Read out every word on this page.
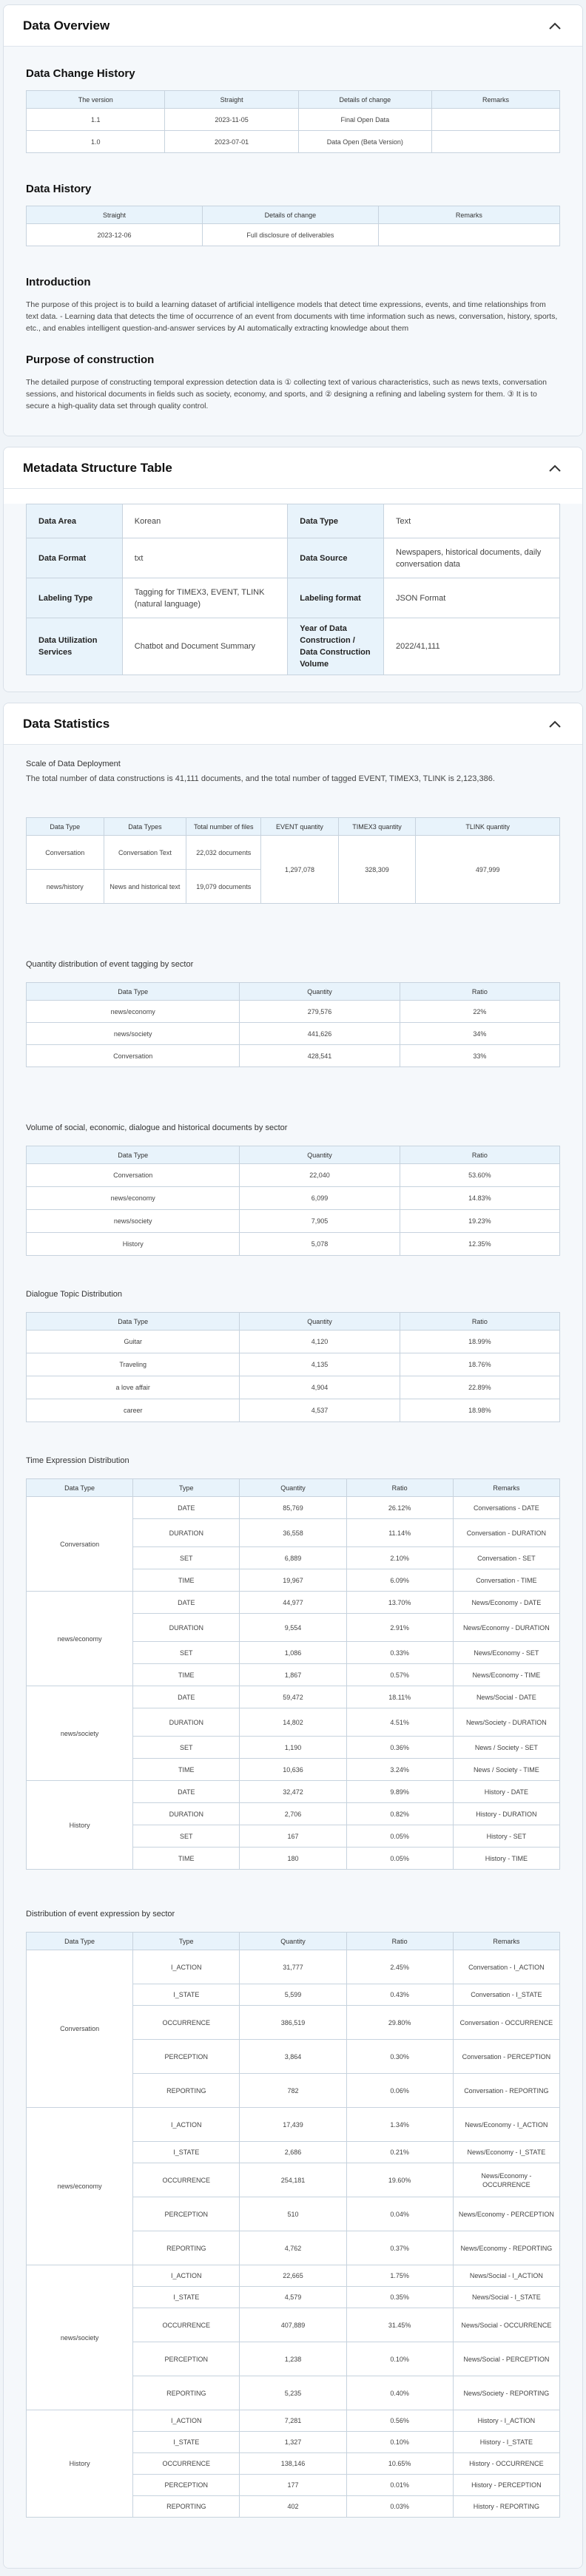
Data Overview
Data Change History
The version	Straight	Details of change	Remarks
1.1	2023-11-05	Final Open Data	
1.0	2023-07-01	Data Open (Beta Version)	
Data History
Straight	Details of change	Remarks
2023-12-06	Full disclosure of deliverables	
Introduction

The purpose of this project is to build a learning dataset of artificial intelligence models that detect time expressions, events, and time relationships from text data. - Learning data that detects the time of occurrence of an event from documents with time information such as news, conversation, history, sports, etc., and enables intelligent question-and-answer services by AI automatically extracting knowledge about them

Purpose of construction

The detailed purpose of constructing temporal expression detection data is ① collecting text of various characteristics, such as news texts, conversation sessions, and historical documents in fields such as society, economy, and sports, and ② designing a refining and labeling system for them. ③ It is to secure a high-quality data set through quality control.

Metadata Structure Table
Data Area	Korean	Data Type	Text
Data Format	txt	Data Source	Newspapers, historical documents, daily conversation data
Labeling Type	Tagging for TIMEX3, EVENT, TLINK (natural language)	Labeling format	JSON Format
Data Utilization Services	Chatbot and Document Summary	Year of Data Construction / Data Construction Volume	2022/41,111
Data Statistics
Scale of Data Deployment

The total number of data constructions is 41,111 documents, and the total number of tagged EVENT, TIMEX3, TLINK is 2,123,386.

Data Type	Data Types	Total number of files	EVENT quantity	TIMEX3 quantity	TLINK quantity
Conversation	Conversation Text	22,032 documents	1,297,078	328,309	497,999
news/history	News and historical text	19,079 documents			
Quantity distribution of event tagging by sector
Data Type	Quantity	Ratio
news/economy	279,576	22%
news/society	441,626	34%
Conversation	428,541	33%
Volume of social, economic, dialogue and historical documents by sector
Data Type	Quantity	Ratio
Conversation	22,040	53.60%
news/economy	6,099	14.83%
news/society	7,905	19.23%
History	5,078	12.35%
Dialogue Topic Distribution
Data Type	Quantity	Ratio
Guitar	4,120	18.99%
Traveling	4,135	18.76%
a love affair	4,904	22.89%
career	4,537	18.98%
Time Expression Distribution
Data Type	Type	Quantity	Ratio	Remarks
Conversation	DATE	85,769	26.12%	Conversations - DATE
	DURATION	36,558	11.14%	Conversation - DURATION
	SET	6,889	2.10%	Conversation - SET
	TIME	19,967	6.09%	Conversation - TIME
news/economy	DATE	44,977	13.70%	News/Economy - DATE
	DURATION	9,554	2.91%	News/Economy - DURATION
	SET	1,086	0.33%	News/Economy - SET
	TIME	1,867	0.57%	News/Economy - TIME
news/society	DATE	59,472	18.11%	News/Social - DATE
	DURATION	14,802	4.51%	News/Society - DURATION
	SET	1,190	0.36%	News / Society - SET
	TIME	10,636	3.24%	News / Society - TIME
History	DATE	32,472	9.89%	History - DATE
	DURATION	2,706	0.82%	History - DURATION
	SET	167	0.05%	History - SET
	TIME	180	0.05%	History - TIME
Distribution of event expression by sector
Data Type	Type	Quantity	Ratio	Remarks
Conversation	I_ACTION	31,777	2.45%	Conversation - I_ACTION
	I_STATE	5,599	0.43%	Conversation - I_STATE
	OCCURRENCE	386,519	29.80%	Conversation - OCCURRENCE
	PERCEPTION	3,864	0.30%	Conversation - PERCEPTION
	REPORTING	782	0.06%	Conversation - REPORTING
news/economy	I_ACTION	17,439	1.34%	News/Economy - I_ACTION
	I_STATE	2,686	0.21%	News/Economy - I_STATE
	OCCURRENCE	254,181	19.60%	News/Economy - OCCURRENCE
	PERCEPTION	510	0.04%	News/Economy - PERCEPTION
	REPORTING	4,762	0.37%	News/Economy - REPORTING
news/society	I_ACTION	22,665	1.75%	News/Social - I_ACTION
	I_STATE	4,579	0.35%	News/Social - I_STATE
	OCCURRENCE	407,889	31.45%	News/Social - OCCURRENCE
	PERCEPTION	1,238	0.10%	News/Social - PERCEPTION
	REPORTING	5,235	0.40%	News/Society - REPORTING
History	I_ACTION	7,281	0.56%	History - I_ACTION
	I_STATE	1,327	0.10%	History - I_STATE
	OCCURRENCE	138,146	10.65%	History - OCCURRENCE
	PERCEPTION	177	0.01%	History - PERCEPTION
	REPORTING	402	0.03%	History - REPORTING
